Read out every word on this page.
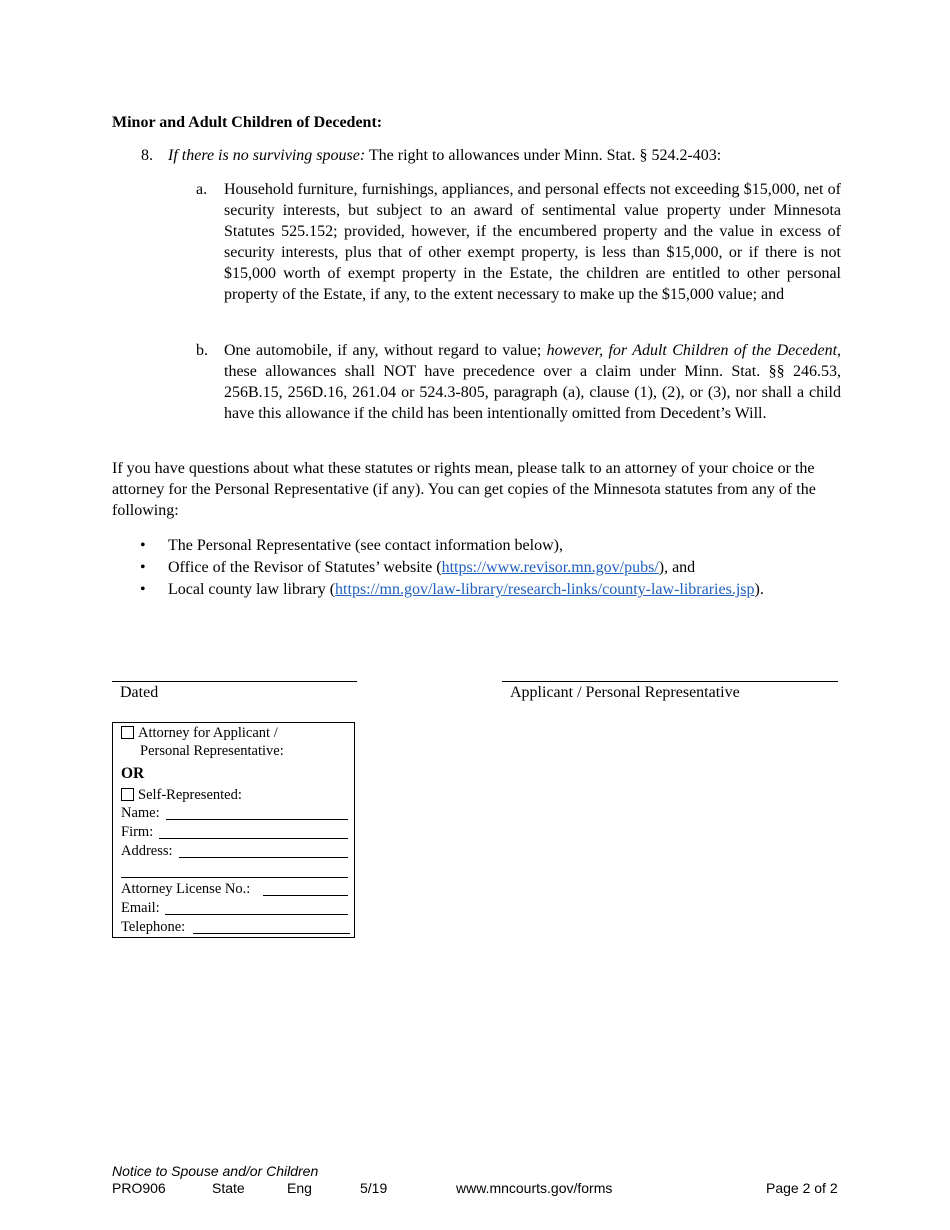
Minor and Adult Children of Decedent:
8. If there is no surviving spouse: The right to allowances under Minn. Stat. § 524.2-403:
a. Household furniture, furnishings, appliances, and personal effects not exceeding $15,000, net of security interests, but subject to an award of sentimental value property under Minnesota Statutes 525.152; provided, however, if the encumbered property and the value in excess of security interests, plus that of other exempt property, is less than $15,000, or if there is not $15,000 worth of exempt property in the Estate, the children are entitled to other personal property of the Estate, if any, to the extent necessary to make up the $15,000 value; and
b. One automobile, if any, without regard to value; however, for Adult Children of the Decedent, these allowances shall NOT have precedence over a claim under Minn. Stat. §§ 246.53, 256B.15, 256D.16, 261.04 or 524.3-805, paragraph (a), clause (1), (2), or (3), nor shall a child have this allowance if the child has been intentionally omitted from Decedent’s Will.
If you have questions about what these statutes or rights mean, please talk to an attorney of your choice or the attorney for the Personal Representative (if any). You can get copies of the Minnesota statutes from any of the following:
• The Personal Representative (see contact information below),
• Office of the Revisor of Statutes’ website (https://www.revisor.mn.gov/pubs/), and
• Local county law library (https://mn.gov/law-library/research-links/county-law-libraries.jsp).
Dated	Applicant / Personal Representative
Attorney for Applicant /
Personal Representative:
OR
Self-Represented:
Name:
Firm:
Address:
Attorney License No.:
Email:
Telephone:
Notice to Spouse and/or Children
PRO906	State	Eng	5/19	www.mncourts.gov/forms	Page 2 of 2
